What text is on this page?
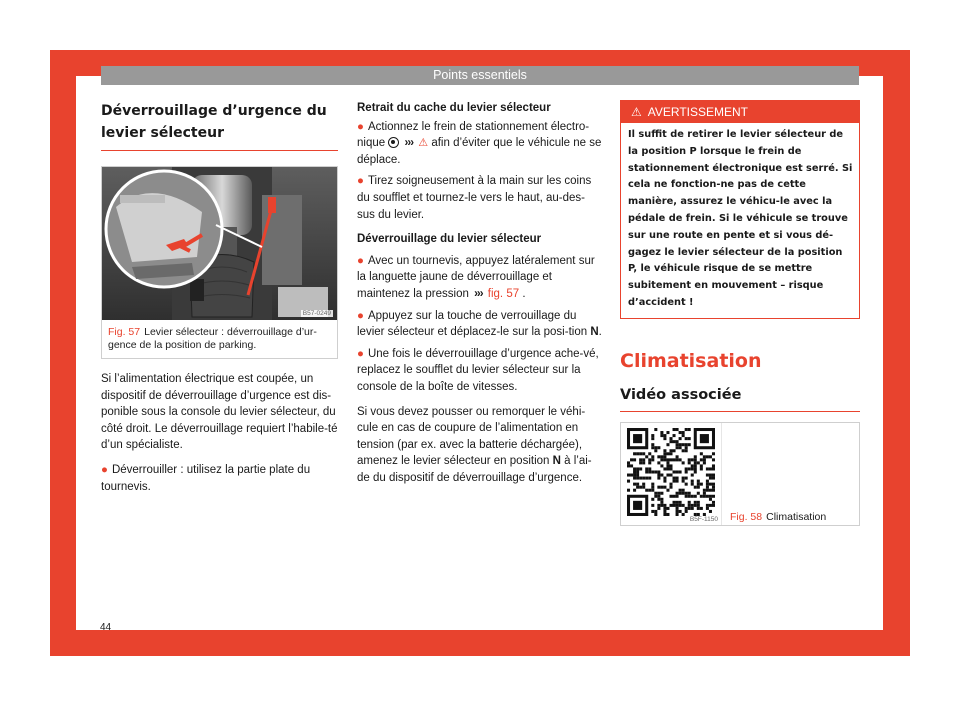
Points essentiels
Déverrouillage d’urgence du levier sélecteur
B57-0249
Fig. 57 Levier sélecteur : déverrouillage d’ur-gence de la position de parking.

Si l’alimentation électrique est coupée, un dispositif de déverrouillage d’urgence est dis-ponible sous la console du levier sélecteur, du côté droit. Le déverrouillage requiert l’habile-té d’un spécialiste.

● Déverrouiller : utilisez la partie plate du tournevis.

Retrait du cache du levier sélecteur

● Actionnez le frein de stationnement électro-nique ››› ⚠ afin d’éviter que le véhicule ne se déplace.

● Tirez soigneusement à la main sur les coins du soufflet et tournez-le vers le haut, au-des-sus du levier.

Déverrouillage du levier sélecteur

● Avec un tournevis, appuyez latéralement sur la languette jaune de déverrouillage et maintenez la pression ››› fig. 57 .

● Appuyez sur la touche de verrouillage du levier sélecteur et déplacez-le sur la posi-tion N.

● Une fois le déverrouillage d’urgence ache-vé, replacez le soufflet du levier sélecteur sur la console de la boîte de vitesses.

Si vous devez pousser ou remorquer le véhi-cule en cas de coupure de l’alimentation en tension (par ex. avec la batterie déchargée), amenez le levier sélecteur en position N à l’ai-de du dispositif de déverrouillage d’urgence.

⚠ AVERTISSEMENT
Il suffit de retirer le levier sélecteur de la position P lorsque le frein de stationnement électronique est serré. Si cela ne fonction-ne pas de cette manière, assurez le véhicu-le avec la pédale de frein. Si le véhicule se trouve sur une route en pente et si vous dé-gagez le levier sélecteur de la position P, le véhicule risque de se mettre subitement en mouvement – risque d’accident !
Climatisation
Vidéo associée
B5F-1150	Fig. 58 Climatisation
44
